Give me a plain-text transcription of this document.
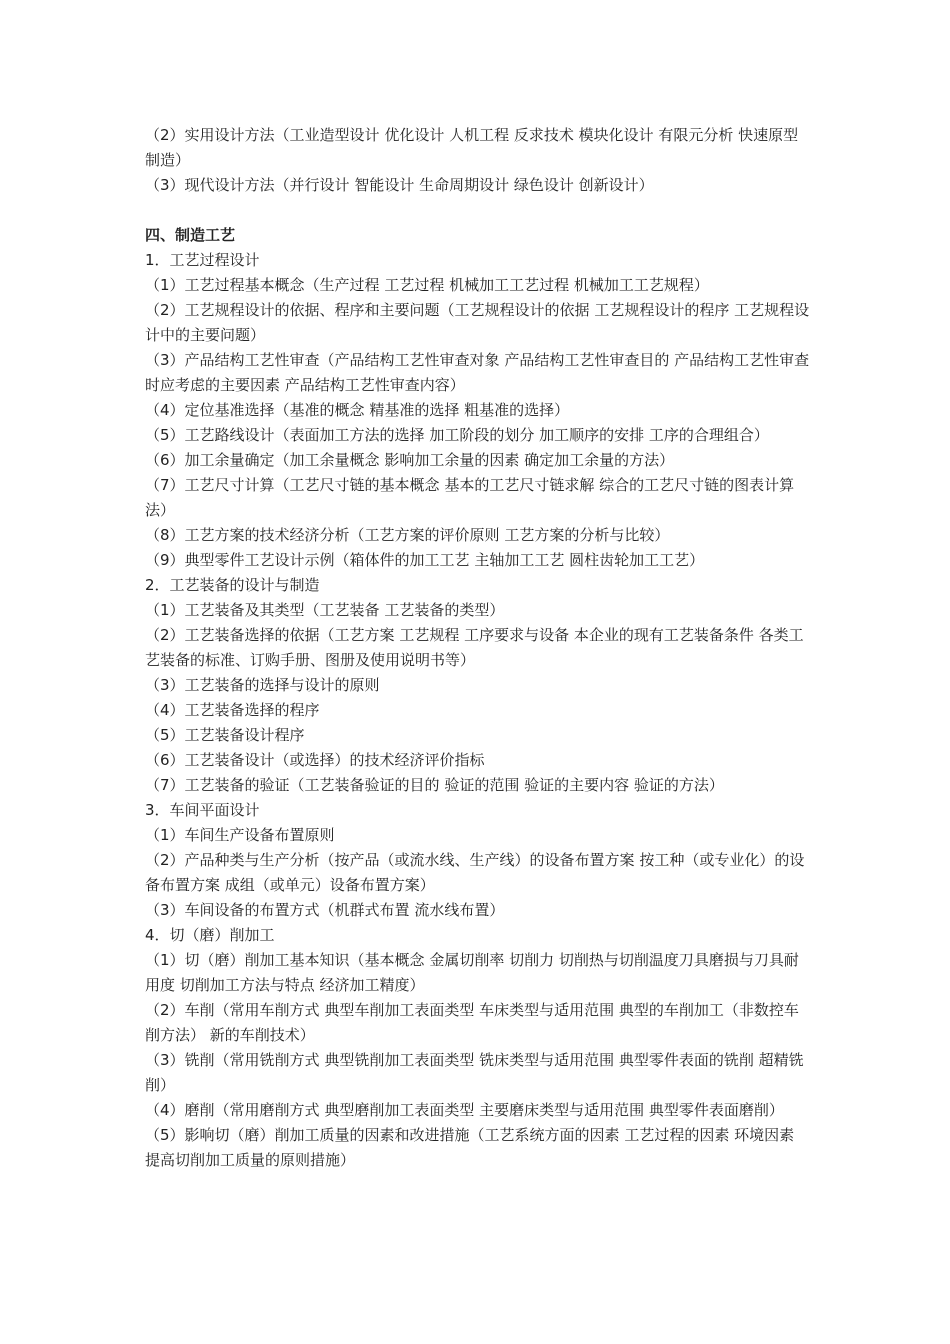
（2）实用设计方法（工业造型设计 优化设计 人机工程 反求技术 模块化设计 有限元分析 快速原型制造）

（3）现代设计方法（并行设计 智能设计 生命周期设计 绿色设计 创新设计）

四、制造工艺

1．工艺过程设计

（1）工艺过程基本概念（生产过程 工艺过程 机械加工工艺过程 机械加工工艺规程）

（2）工艺规程设计的依据、程序和主要问题（工艺规程设计的依据 工艺规程设计的程序 工艺规程设计中的主要问题）

（3）产品结构工艺性审查（产品结构工艺性审查对象 产品结构工艺性审查目的 产品结构工艺性审查时应考虑的主要因素 产品结构工艺性审查内容）

（4）定位基准选择（基准的概念 精基准的选择 粗基准的选择）

（5）工艺路线设计（表面加工方法的选择 加工阶段的划分 加工顺序的安排 工序的合理组合）

（6）加工余量确定（加工余量概念 影响加工余量的因素 确定加工余量的方法）

（7）工艺尺寸计算（工艺尺寸链的基本概念 基本的工艺尺寸链求解 综合的工艺尺寸链的图表计算法）

（8）工艺方案的技术经济分析（工艺方案的评价原则 工艺方案的分析与比较）

（9）典型零件工艺设计示例（箱体件的加工工艺 主轴加工工艺 圆柱齿轮加工工艺）

2．工艺装备的设计与制造

（1）工艺装备及其类型（工艺装备 工艺装备的类型）

（2）工艺装备选择的依据（工艺方案 工艺规程 工序要求与设备 本企业的现有工艺装备条件 各类工艺装备的标准、订购手册、图册及使用说明书等）

（3）工艺装备的选择与设计的原则

（4）工艺装备选择的程序

（5）工艺装备设计程序

（6）工艺装备设计（或选择）的技术经济评价指标

（7）工艺装备的验证（工艺装备验证的目的 验证的范围 验证的主要内容 验证的方法）

3．车间平面设计

（1）车间生产设备布置原则

（2）产品种类与生产分析（按产品（或流水线、生产线）的设备布置方案 按工种（或专业化）的设备布置方案 成组（或单元）设备布置方案）

（3）车间设备的布置方式（机群式布置 流水线布置）

4．切（磨）削加工

（1）切（磨）削加工基本知识（基本概念 金属切削率 切削力 切削热与切削温度刀具磨损与刀具耐用度 切削加工方法与特点 经济加工精度）

（2）车削（常用车削方式 典型车削加工表面类型 车床类型与适用范围 典型的车削加工（非数控车削方法） 新的车削技术）

（3）铣削（常用铣削方式 典型铣削加工表面类型 铣床类型与适用范围 典型零件表面的铣削 超精铣削）

（4）磨削（常用磨削方式 典型磨削加工表面类型 主要磨床类型与适用范围 典型零件表面磨削）

（5）影响切（磨）削加工质量的因素和改进措施（工艺系统方面的因素 工艺过程的因素 环境因素 提高切削加工质量的原则措施）
